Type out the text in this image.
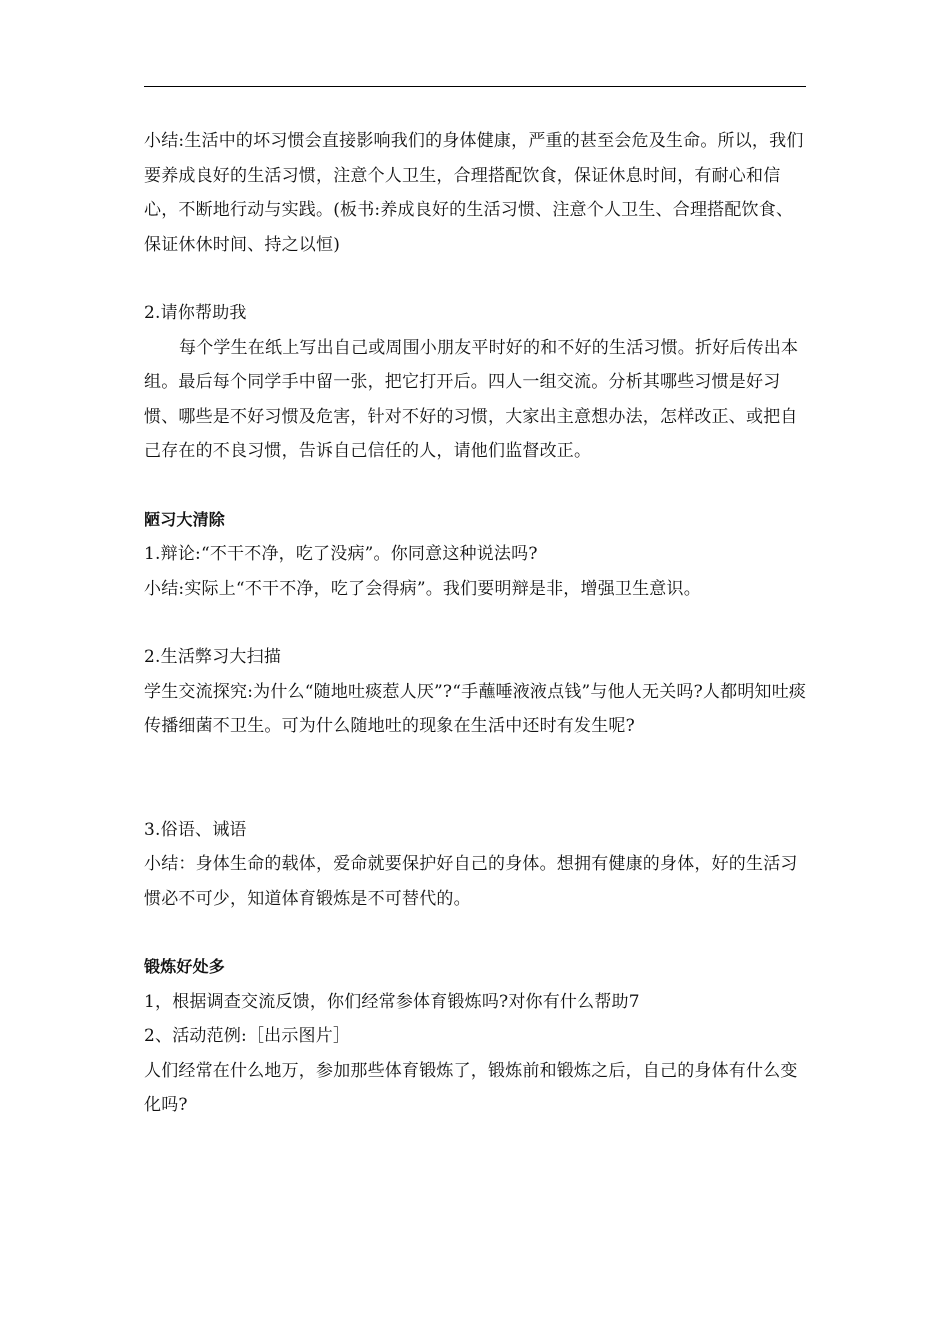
小结:生活中的坏习惯会直接影响我们的身体健康，严重的甚至会危及生命。所以，我们要养成良好的生活习惯，注意个人卫生，合理搭配饮食，保证休息时间，有耐心和信心，不断地行动与实践。(板书:养成良好的生活习惯、注意个人卫生、合理搭配饮食、保证休休时间、持之以恒)

2.请你帮助我

每个学生在纸上写出自己或周围小朋友平时好的和不好的生活习惯。折好后传出本组。最后每个同学手中留一张，把它打开后。四人一组交流。分析其哪些习惯是好习惯、哪些是不好习惯及危害，针对不好的习惯，大家出主意想办法，怎样改正、或把自己存在的不良习惯，告诉自己信任的人，请他们监督改正。

陋习大清除

1.辩论:“不干不净，吃了没病”。你同意这种说法吗?

小结:实际上“不干不净，吃了会得病”。我们要明辩是非，增强卫生意识。

2.生活弊习大扫描

学生交流探究:为什么“随地吐痰惹人厌”?“手蘸唾液液点钱”与他人无关吗?人都明知吐痰传播细菌不卫生。可为什么随地吐的现象在生活中还时有发生呢?

3.俗语、诫语

小结：身体生命的载体，爱命就要保护好自己的身体。想拥有健康的身体，好的生活习惯必不可少，知道体育锻炼是不可替代的。

锻炼好处多

1，根据调查交流反馈，你们经常参体育锻炼吗?对你有什么帮助7

2、活动范例:［出示图片］

人们经常在什么地万，参加那些体育锻炼了，锻炼前和锻炼之后，自己的身体有什么变化吗?
